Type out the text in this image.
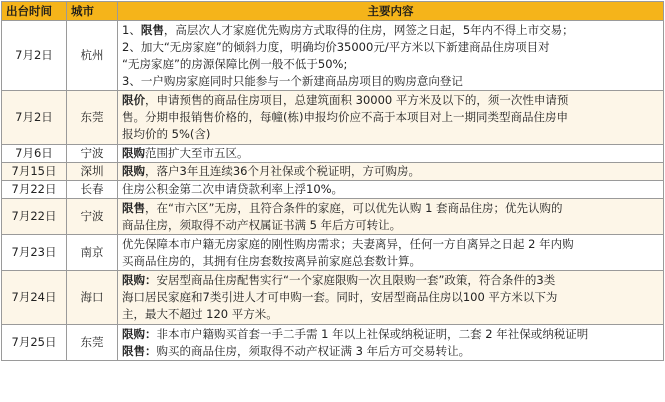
出台时间	城市	主要内容
7月2日	杭州	1、限售，高层次人才家庭优先购房方式取得的住房，网签之日起，5年内不得上市交易；
2、加大“无房家庭”的倾斜力度，明确均价35000元/平方米以下新建商品住房项目对
“无房家庭”的房源保障比例一般不低于50%;
3、一户购房家庭同时只能参与一个新建商品房项目的购房意向登记

7月2日	东莞	限价，申请预售的商品住房项目，总建筑面积 30000 平方米及以下的，须一次性申请预
售。分期申报销售价格的，每幢(栋)申报均价应不高于本项目对上一期同类型商品住房申
报均价的 5%(含)

7月6日	宁波	限购范围扩大至市五区。

7月15日	深圳	限购，落户3年且连续36个月社保或个税证明，方可购房。

7月22日	长春	住房公积金第二次申请贷款利率上浮10%。

7月22日	宁波	限售，在“市六区”无房，且符合条件的家庭，可以优先认购 1 套商品住房；优先认购的
商品住房，须取得不动产权属证书满 5 年后方可转让。

7月23日	南京	优先保障本市户籍无房家庭的刚性购房需求；夫妻离异，任何一方自离异之日起 2 年内购
买商品住房的，其拥有住房套数按离异前家庭总套数计算。

7月24日	海口	限购：安居型商品住房配售实行“一个家庭限购一次且限购一套”政策，符合条件的3类
海口居民家庭和7类引进人才可申购一套。同时，安居型商品住房以100 平方米以下为
主，最大不超过 120 平方米。

7月25日	东莞	限购：非本市户籍购买首套一手二手需 1 年以上社保或纳税证明，二套 2 年社保或纳税证明
限售：购买的商品住房，须取得不动产权证满 3 年后方可交易转让。
